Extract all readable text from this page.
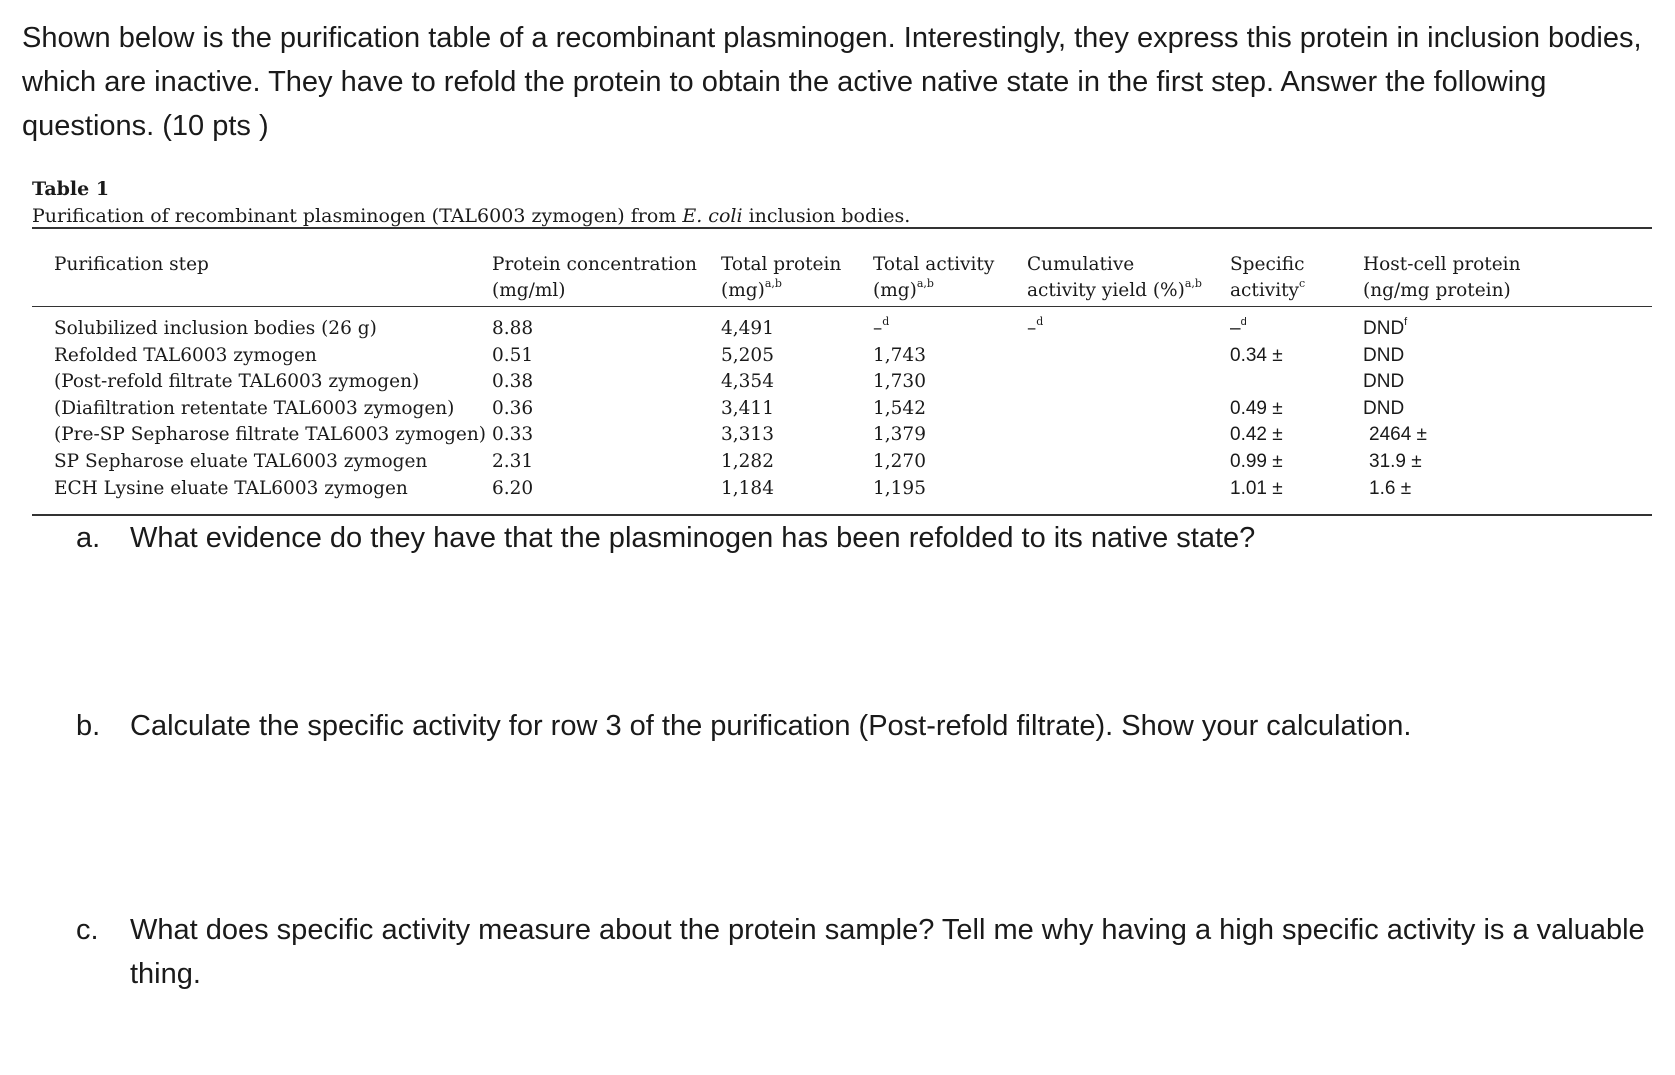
Shown below is the purification table of a recombinant plasminogen. Interestingly, they express this protein in inclusion bodies, which are inactive. They have to refold the protein to obtain the active native state in the first step. Answer the following questions. (10 pts )

Table 1
Purification of recombinant plasminogen (TAL6003 zymogen) from E. coli inclusion bodies.
Purification step	Protein concentration
(mg/ml)
Total protein
(mg)$^{a,b}$
Total activity
(mg)$^{a,b}$
Cumulative
activity yield (%)$^{a,b}$
Specific
activity$^c$
Host-cell protein
(ng/mg protein)
Solubilized inclusion bodies (26 g)
Refolded TAL6003 zymogen
(Post-refold filtrate TAL6003 zymogen)
(Diafiltration retentate TAL6003 zymogen)
(Pre-SP Sepharose filtrate TAL6003 zymogen)
SP Sepharose eluate TAL6003 zymogen
ECH Lysine eluate TAL6003 zymogen
8.88
0.51
0.38
0.36
0.33
2.31
6.20
4,491
5,205
4,354
3,411
3,313
1,282
1,184
–$^d$
1,743
1,730
1,542
1,379
1,270
1,195
–$^d$	–$^d$
0.34 ±
0.49 ±
0.42 ±
0.99 ±
1.01 ±
$DND^f$
DND
DND
DND
2464 ±
31.9 ±
1.6 ±
a. What evidence do they have that the plasminogen has been refolded to its native state?
b. Calculate the specific activity for row 3 of the purification (Post-refold filtrate). Show your calculation.
c. What does specific activity measure about the protein sample? Tell me why having a high specific activity is a valuable thing.
